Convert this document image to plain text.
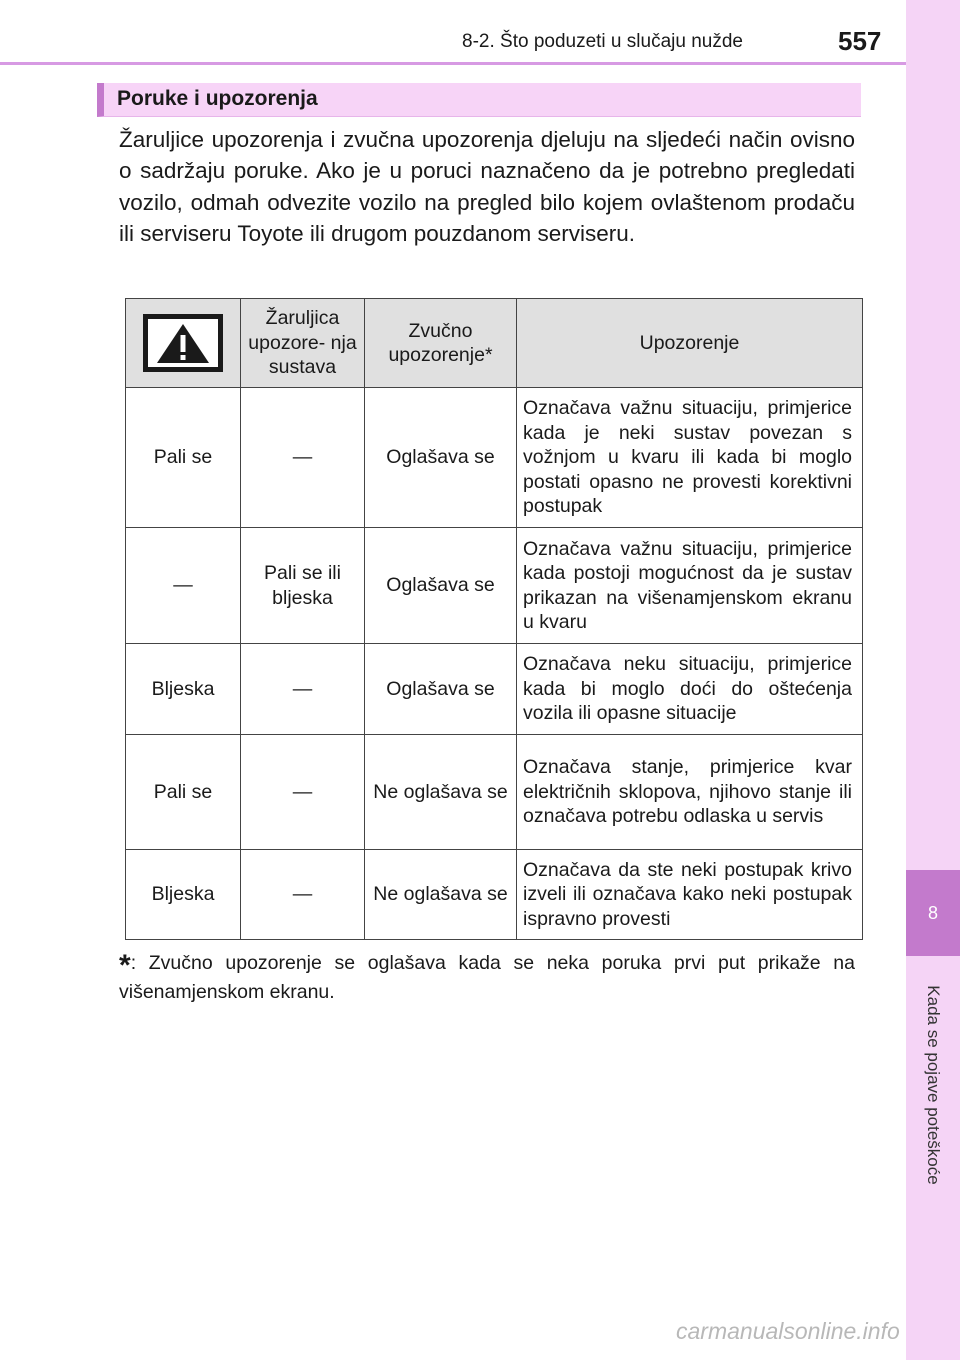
8-2. Što poduzeti u slučaju nužde	557
8
Kada se pojave poteškoće
Poruke i upozorenja
Žaruljice upozorenja i zvučna upozorenja djeluju na sljedeći način ovisno o sadržaju poruke. Ako je u poruci naznačeno da je potrebno pregledati vozilo, odmah odvezite vozilo na pregled bilo kojem ovlaštenom prodaču ili serviseru Toyote ili drugom pouzdanom serviseru.
	Žaruljica upozore- nja sustava	Zvučno upozorenje*	Upozorenje
Pali se	—	Oglašava se	Označava važnu situaciju, primjerice kada je neki sustav povezan s vožnjom u kvaru ili kada bi moglo postati opasno ne provesti korektivni postupak
—	Pali se ili bljeska	Oglašava se	Označava važnu situaciju, primjerice kada postoji mogućnost da je sustav prikazan na višenamjenskom ekranu u kvaru
Bljeska	—	Oglašava se	Označava neku situaciju, primjerice kada bi moglo doći do oštećenja vozila ili opasne situacije
Pali se	—	Ne oglašava se	Označava stanje, primjerice kvar električnih sklopova, njihovo stanje ili označava potrebu odlaska u servis
Bljeska	—	Ne oglašava se	Označava da ste neki postupak krivo izveli ili označava kako neki postupak ispravno provesti
*: Zvučno upozorenje se oglašava kada se neka poruka prvi put prikaže na višenamjenskom ekranu.
carmanualsonline.info
